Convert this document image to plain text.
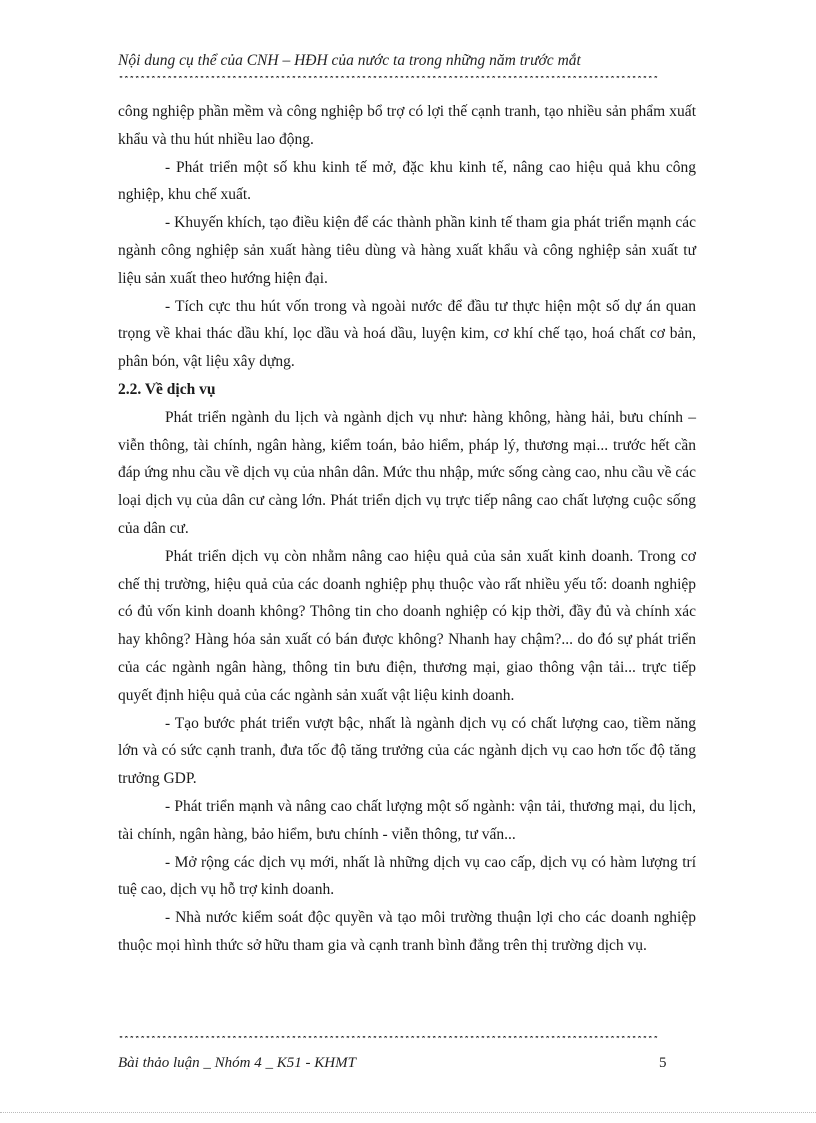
Nội dung cụ thể của CNH – HĐH của nước ta trong những năm trước mắt
****************************************************************************************************

công nghiệp phần mềm và công nghiệp bổ trợ có lợi thế cạnh tranh, tạo nhiều sản phẩm xuất khẩu và thu hút nhiều lao động.

- Phát triển một số khu kinh tế mở, đặc khu kinh tế, nâng cao hiệu quả khu công nghiệp, khu chế xuất.

- Khuyến khích, tạo điều kiện để các thành phần kinh tế tham gia phát triển mạnh các ngành công nghiệp sản xuất hàng tiêu dùng và hàng xuất khẩu và công nghiệp sản xuất tư liệu sản xuất theo hướng hiện đại.

- Tích cực thu hút vốn trong và ngoài nước để đầu tư thực hiện một số dự án quan trọng về khai thác dầu khí, lọc dầu và hoá dầu, luyện kim, cơ khí chế tạo, hoá chất cơ bản, phân bón, vật liệu xây dựng.

2.2. Về dịch vụ

Phát triển ngành du lịch và ngành dịch vụ như: hàng không, hàng hải, bưu chính – viễn thông, tài chính, ngân hàng, kiểm toán, bảo hiểm, pháp lý, thương mại... trước hết cần đáp ứng nhu cầu về dịch vụ của nhân dân. Mức thu nhập, mức sống càng cao, nhu cầu về các loại dịch vụ của dân cư càng lớn. Phát triển dịch vụ trực tiếp nâng cao chất lượng cuộc sống của dân cư.

Phát triển dịch vụ còn nhằm nâng cao hiệu quả của sản xuất kinh doanh. Trong cơ chế thị trường, hiệu quả của các doanh nghiệp phụ thuộc vào rất nhiều yếu tố: doanh nghiệp có đủ vốn kinh doanh không? Thông tin cho doanh nghiệp có kịp thời, đầy đủ và chính xác hay không? Hàng hóa sản xuất có bán được không? Nhanh hay chậm?... do đó sự phát triển của các ngành ngân hàng, thông tin bưu điện, thương mại, giao thông vận tải... trực tiếp quyết định hiệu quả của các ngành sản xuất vật liệu kinh doanh.

- Tạo bước phát triển vượt bậc, nhất là ngành dịch vụ có chất lượng cao, tiềm năng lớn và có sức cạnh tranh, đưa tốc độ tăng trưởng của các ngành dịch vụ cao hơn tốc độ tăng trưởng GDP.

- Phát triển mạnh và nâng cao chất lượng một số ngành: vận tải, thương mại, du lịch, tài chính, ngân hàng, bảo hiểm, bưu chính - viễn thông, tư vấn...

- Mở rộng các dịch vụ mới, nhất là những dịch vụ cao cấp, dịch vụ có hàm lượng trí tuệ cao, dịch vụ hỗ trợ kinh doanh.

- Nhà nước kiểm soát độc quyền và tạo môi trường thuận lợi cho các doanh nghiệp thuộc mọi hình thức sở hữu tham gia và cạnh tranh bình đẳng trên thị trường dịch vụ.

****************************************************************************************************
Bài thảo luận _ Nhóm 4 _ K51 - KHMT	5
